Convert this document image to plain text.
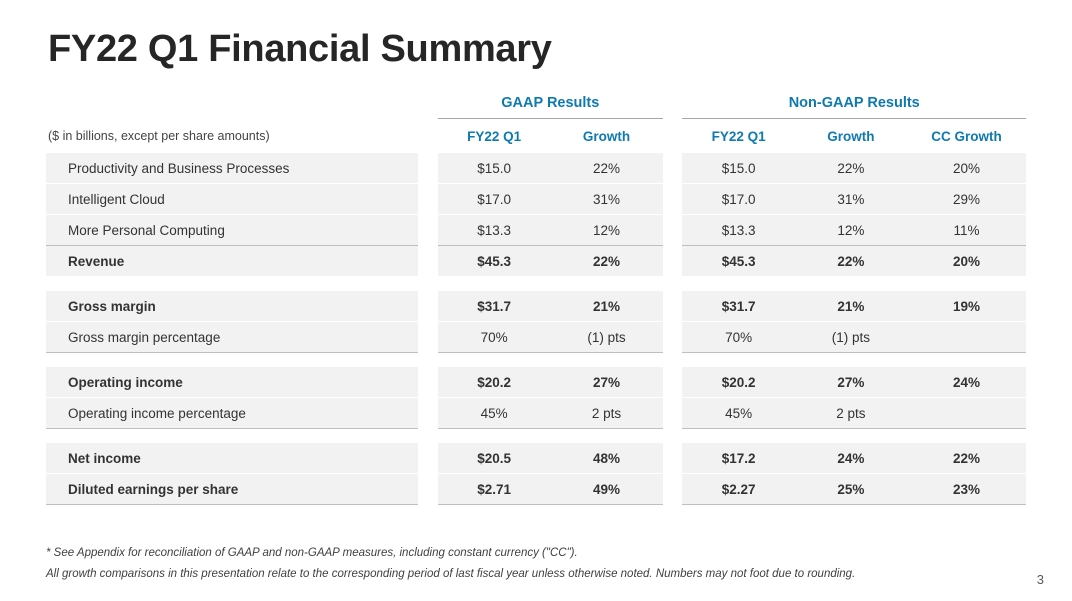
FY22 Q1 Financial Summary
		GAAP Results			Non-GAAP Results		
($ in billions, except per share amounts)		FY22 Q1	Growth		FY22 Q1	Growth	CC Growth
Productivity and Business Processes		$15.0	22%		$15.0	22%	20%
Intelligent Cloud		$17.0	31%		$17.0	31%	29%
More Personal Computing		$13.3	12%		$13.3	12%	11%
Revenue		$45.3	22%		$45.3	22%	20%

Gross margin		$31.7	21%		$31.7	21%	19%
Gross margin percentage		70%	(1) pts		70%	(1) pts	

Operating income		$20.2	27%		$20.2	27%	24%
Operating income percentage		45%	2 pts		45%	2 pts	

Net income		$20.5	48%		$17.2	24%	22%
Diluted earnings per share		$2.71	49%		$2.27	25%	23%
* See Appendix for reconciliation of GAAP and non-GAAP measures, including constant currency ("CC").
All growth comparisons in this presentation relate to the corresponding period of last fiscal year unless otherwise noted. Numbers may not foot due to rounding.	3
